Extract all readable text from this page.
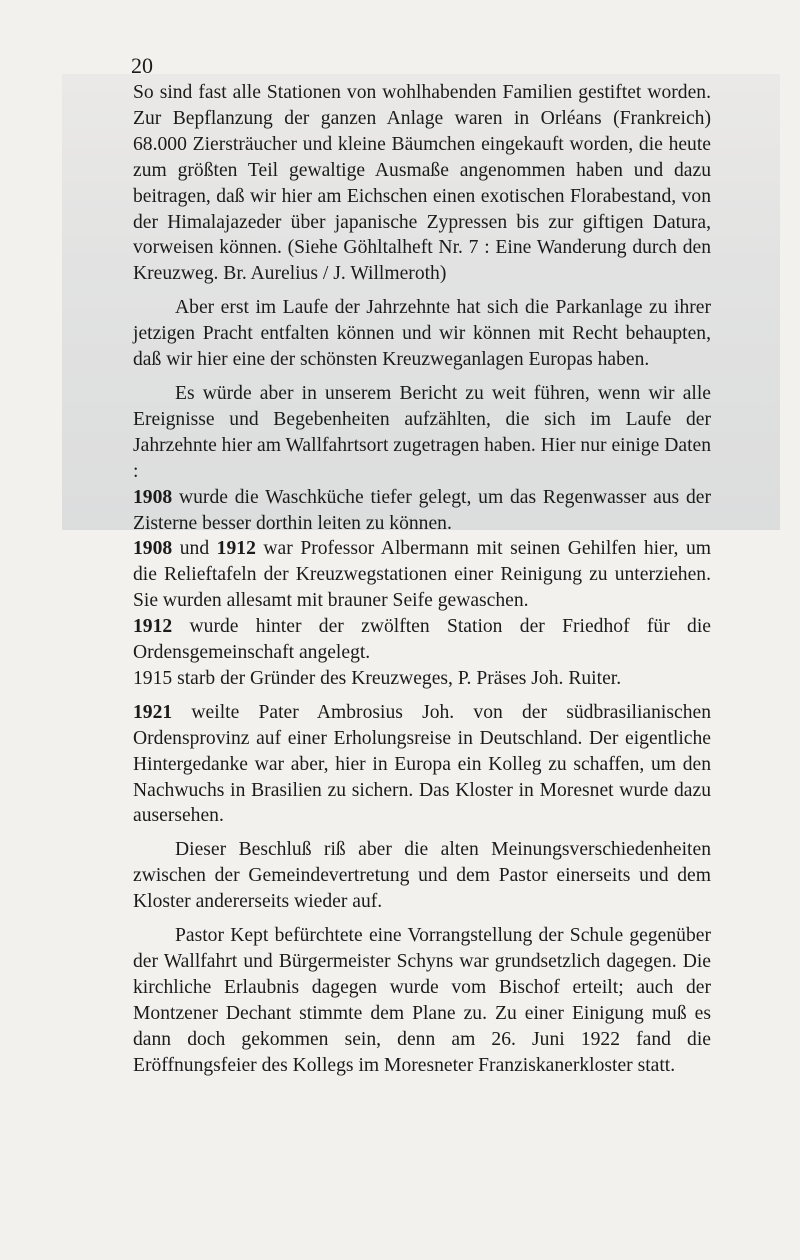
20

So sind fast alle Stationen von wohlhabenden Familien gestiftet worden. Zur Bepflanzung der ganzen Anlage waren in Orléans (Frankreich) 68.000 Ziersträucher und kleine Bäumchen eingekauft worden, die heute zum größten Teil gewaltige Ausmaße angenommen haben und dazu beitragen, daß wir hier am Eichschen einen exotischen Florabestand, von der Himalajazeder über japanische Zypressen bis zur giftigen Datura, vorweisen können. (Siehe Göhltalheft Nr. 7 : Eine Wanderung durch den Kreuzweg. Br. Aurelius / J. Willmeroth)

Aber erst im Laufe der Jahrzehnte hat sich die Parkanlage zu ihrer jetzigen Pracht entfalten können und wir können mit Recht behaupten, daß wir hier eine der schönsten Kreuzweganlagen Europas haben.

Es würde aber in unserem Bericht zu weit führen, wenn wir alle Ereignisse und Begebenheiten aufzählten, die sich im Laufe der Jahrzehnte hier am Wallfahrtsort zugetragen haben. Hier nur einige Daten :

1908 wurde die Waschküche tiefer gelegt, um das Regenwasser aus der Zisterne besser dorthin leiten zu können.

1908 und 1912 war Professor Albermann mit seinen Gehilfen hier, um die Relieftafeln der Kreuzwegstationen einer Reinigung zu unterziehen. Sie wurden allesamt mit brauner Seife gewaschen.

1912 wurde hinter der zwölften Station der Friedhof für die Ordensgemeinschaft angelegt.

1915 starb der Gründer des Kreuzweges, P. Präses Joh. Ruiter.

1921 weilte Pater Ambrosius Joh. von der südbrasilianischen Ordensprovinz auf einer Erholungsreise in Deutschland. Der eigentliche Hintergedanke war aber, hier in Europa ein Kolleg zu schaffen, um den Nachwuchs in Brasilien zu sichern. Das Kloster in Moresnet wurde dazu ausersehen.

Dieser Beschluß riß aber die alten Meinungsverschiedenheiten zwischen der Gemeindevertretung und dem Pastor einerseits und dem Kloster andererseits wieder auf.

Pastor Kept befürchtete eine Vorrangstellung der Schule gegenüber der Wallfahrt und Bürgermeister Schyns war grundsetzlich dagegen. Die kirchliche Erlaubnis dagegen wurde vom Bischof erteilt; auch der Montzener Dechant stimmte dem Plane zu. Zu einer Einigung muß es dann doch gekommen sein, denn am 26. Juni 1922 fand die Eröffnungsfeier des Kollegs im Moresneter Franziskanerkloster statt.
